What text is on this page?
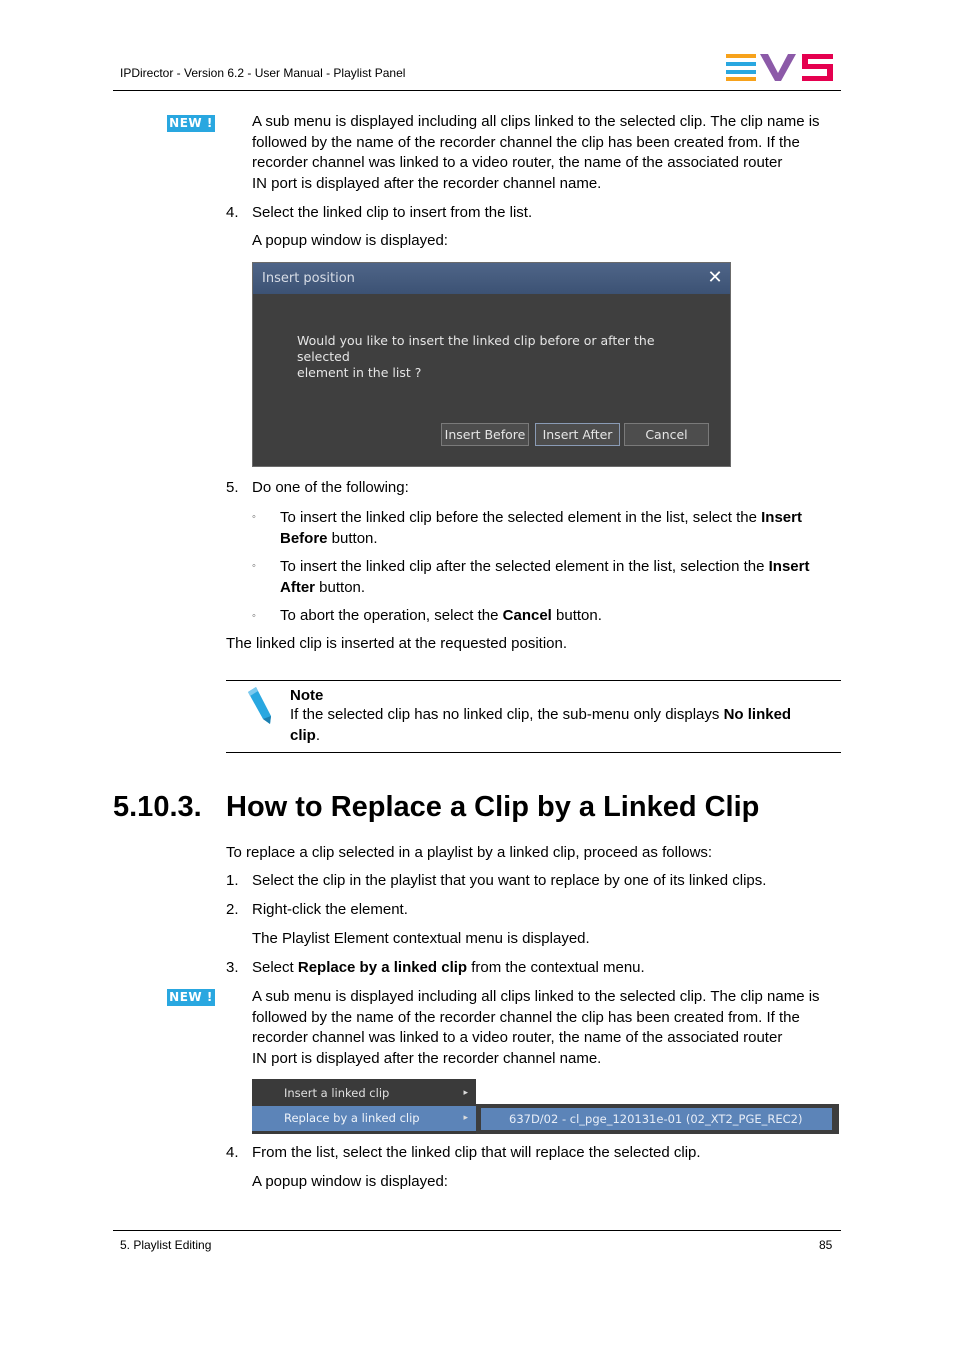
IPDirector - Version 6.2 - User Manual - Playlist Panel
NEW !	A sub menu is displayed including all clips linked to the selected clip. The clip name is
followed by the name of the recorder channel the clip has been created from. If the
recorder channel was linked to a video router, the name of the associated router
IN port is displayed after the recorder channel name.
4. Select the linked clip to insert from the list.
A popup window is displayed:
Insert position	✕
Would you like to insert the linked clip before or after the selected
element in the list ?
Insert Before	Insert After	Cancel
5. Do one of the following:
◦ To insert the linked clip before the selected element in the list, select the Insert
Before button.
◦ To insert the linked clip after the selected element in the list, selection the Insert
After button.
◦ To abort the operation, select the Cancel button.
The linked clip is inserted at the requested position.
Note
If the selected clip has no linked clip, the sub-menu only displays No linked
clip.
5.10.3. How to Replace a Clip by a Linked Clip
To replace a clip selected in a playlist by a linked clip, proceed as follows:
1. Select the clip in the playlist that you want to replace by one of its linked clips.
2. Right-click the element.
The Playlist Element contextual menu is displayed.
3. Select Replace by a linked clip from the contextual menu.
NEW !	A sub menu is displayed including all clips linked to the selected clip. The clip name is
followed by the name of the recorder channel the clip has been created from. If the
recorder channel was linked to a video router, the name of the associated router
IN port is displayed after the recorder channel name.
Insert a linked clip	▸
Replace by a linked clip	▸	637D/02 - cl_pge_120131e-01 (02_XT2_PGE_REC2)
4. From the list, select the linked clip that will replace the selected clip.
A popup window is displayed:
5. Playlist Editing	85
